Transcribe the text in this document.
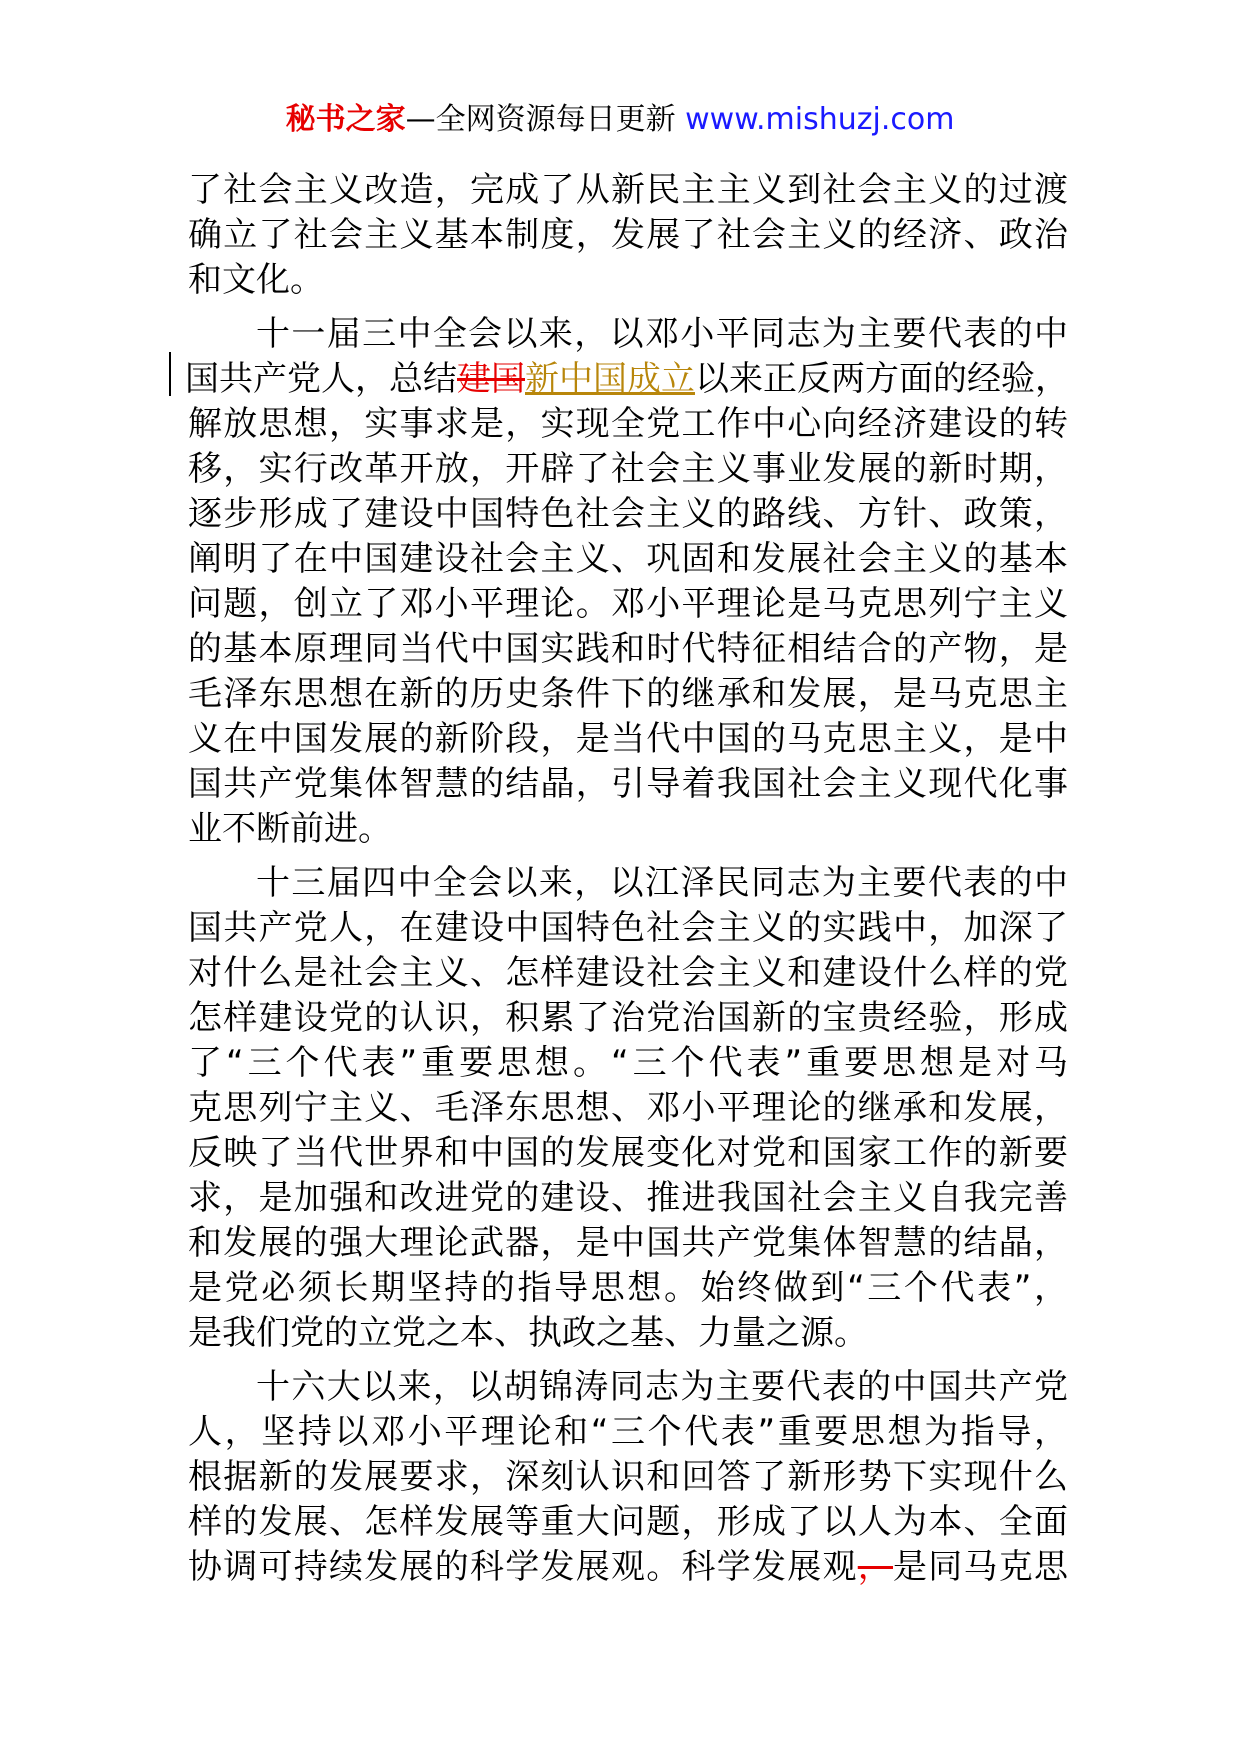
秘书之家—全网资源每日更新 www.mishuzj.com
了社会主义改造，完成了从新民主主义到社会主义的过渡
确立了社会主义基本制度，发展了社会主义的经济、政治
和文化。
十一届三中全会以来，以邓小平同志为主要代表的中
国共产党人，总结建国新中国成立以来正反两方面的经验，
解放思想，实事求是，实现全党工作中心向经济建设的转
移，实行改革开放，开辟了社会主义事业发展的新时期，
逐步形成了建设中国特色社会主义的路线、方针、政策，
阐明了在中国建设社会主义、巩固和发展社会主义的基本
问题，创立了邓小平理论。邓小平理论是马克思列宁主义
的基本原理同当代中国实践和时代特征相结合的产物，是
毛泽东思想在新的历史条件下的继承和发展，是马克思主
义在中国发展的新阶段，是当代中国的马克思主义，是中
国共产党集体智慧的结晶，引导着我国社会主义现代化事
业不断前进。
十三届四中全会以来，以江泽民同志为主要代表的中
国共产党人，在建设中国特色社会主义的实践中，加深了
对什么是社会主义、怎样建设社会主义和建设什么样的党
怎样建设党的认识，积累了治党治国新的宝贵经验，形成
了“三个代表”重要思想。“三个代表”重要思想是对马
克思列宁主义、毛泽东思想、邓小平理论的继承和发展，
反映了当代世界和中国的发展变化对党和国家工作的新要
求，是加强和改进党的建设、推进我国社会主义自我完善
和发展的强大理论武器，是中国共产党集体智慧的结晶，
是党必须长期坚持的指导思想。始终做到“三个代表”，
是我们党的立党之本、执政之基、力量之源。
十六大以来，以胡锦涛同志为主要代表的中国共产党
人，坚持以邓小平理论和“三个代表”重要思想为指导，
根据新的发展要求，深刻认识和回答了新形势下实现什么
样的发展、怎样发展等重大问题，形成了以人为本、全面
协调可持续发展的科学发展观。科学发展观，是同马克思
